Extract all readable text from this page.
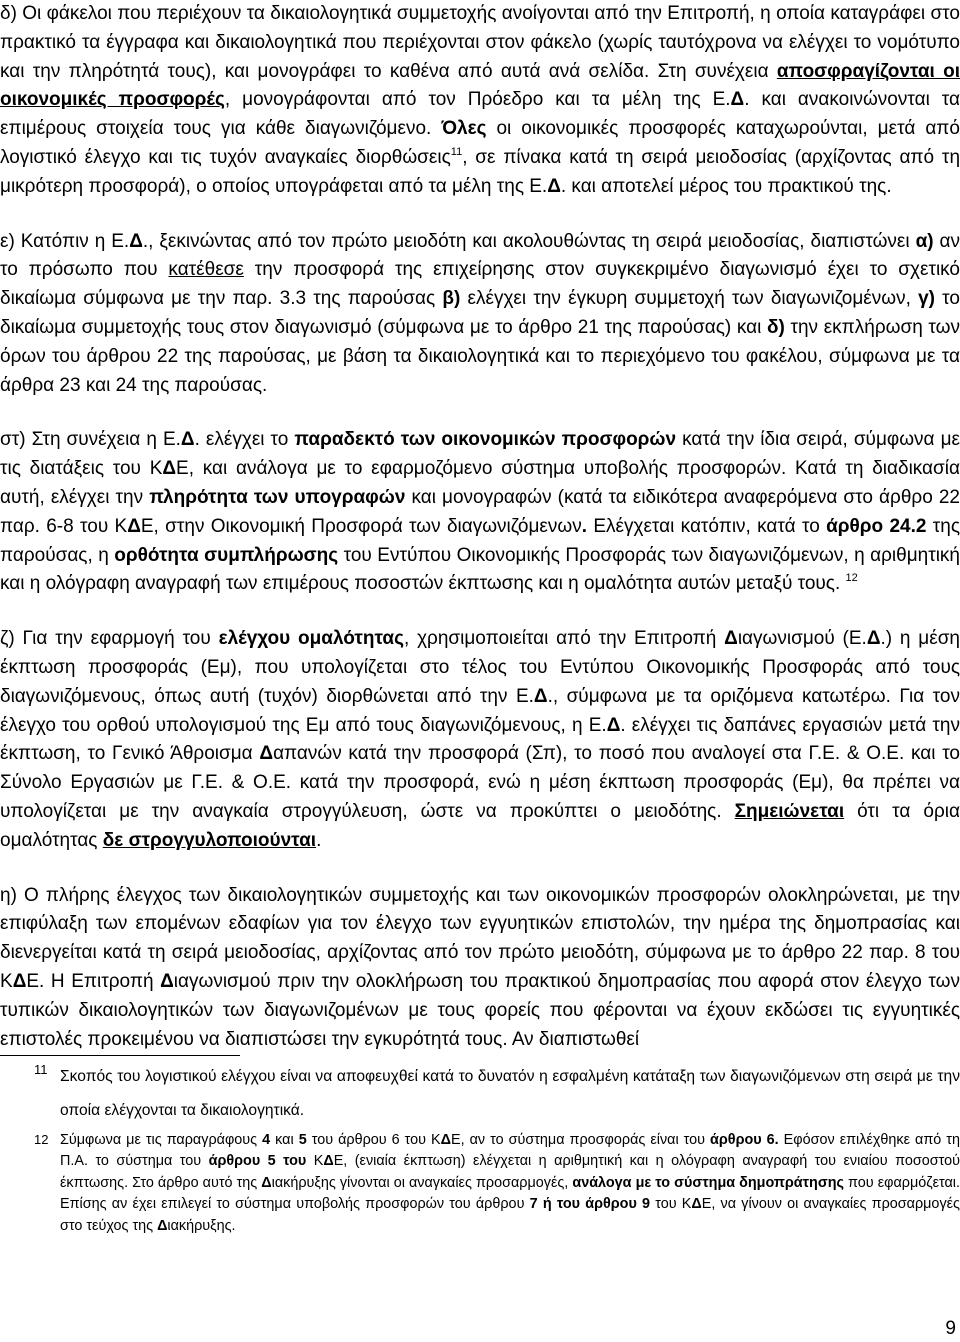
δ) Οι φάκελοι που περιέχουν τα δικαιολογητικά συμμετοχής ανοίγονται από την Επιτροπή, η οποία καταγράφει στο πρακτικό τα έγγραφα και δικαιολογητικά που περιέχονται στον φάκελο (χωρίς ταυτόχρονα να ελέγχει το νομότυπο και την πληρότητά τους), και μονογράφει το καθένα από αυτά ανά σελίδα. Στη συνέχεια αποσφραγίζονται οι οικονομικές προσφορές, μονογράφονται από τον Πρόεδρο και τα μέλη της Ε.Δ. και ανακοινώνονται τα επιμέρους στοιχεία τους για κάθε διαγωνιζόμενο. Όλες οι οικονομικές προσφορές καταχωρούνται, μετά από λογιστικό έλεγχο και τις τυχόν αναγκαίες διορθώσεις$^{11}$, σε πίνακα κατά τη σειρά μειοδοσίας (αρχίζοντας από τη μικρότερη προσφορά), ο οποίος υπογράφεται από τα μέλη της Ε.Δ. και αποτελεί μέρος του πρακτικού της.

ε) Κατόπιν η Ε.Δ., ξεκινώντας από τον πρώτο μειοδότη και ακολουθώντας τη σειρά μειοδοσίας, διαπιστώνει α) αν το πρόσωπο που κατέθεσε την προσφορά της επιχείρησης στον συγκεκριμένο διαγωνισμό έχει το σχετικό δικαίωμα σύμφωνα με την παρ. 3.3 της παρούσας β) ελέγχει την έγκυρη συμμετοχή των διαγωνιζομένων, γ) το δικαίωμα συμμετοχής τους στον διαγωνισμό (σύμφωνα με το άρθρο 21 της παρούσας) και δ) την εκπλήρωση των όρων του άρθρου 22 της παρούσας, με βάση τα δικαιολογητικά και το περιεχόμενο του φακέλου, σύμφωνα με τα άρθρα 23 και 24 της παρούσας.

στ) Στη συνέχεια η Ε.Δ. ελέγχει το παραδεκτό των οικονομικών προσφορών κατά την ίδια σειρά, σύμφωνα με τις διατάξεις του ΚΔΕ, και ανάλογα με το εφαρμοζόμενο σύστημα υποβολής προσφορών. Κατά τη διαδικασία αυτή, ελέγχει την πληρότητα των υπογραφών και μονογραφών (κατά τα ειδικότερα αναφερόμενα στο άρθρο 22 παρ. 6-8 του ΚΔΕ, στην Οικονομική Προσφορά των διαγωνιζόμενων. Ελέγχεται κατόπιν, κατά το άρθρο 24.2 της παρούσας, η ορθότητα συμπλήρωσης του Εντύπου Οικονομικής Προσφοράς των διαγωνιζόμενων, η αριθμητική και η ολόγραφη αναγραφή των επιμέρους ποσοστών έκπτωσης και η ομαλότητα αυτών μεταξύ τους. $^{12}$

ζ) Για την εφαρμογή του ελέγχου ομαλότητας, χρησιμοποιείται από την Επιτροπή Διαγωνισμού (Ε.Δ.) η μέση έκπτωση προσφοράς (Εμ), που υπολογίζεται στο τέλος του Εντύπου Οικονομικής Προσφοράς από τους διαγωνιζόμενους, όπως αυτή (τυχόν) διορθώνεται από την Ε.Δ., σύμφωνα με τα οριζόμενα κατωτέρω. Για τον έλεγχο του ορθού υπολογισμού της Εμ από τους διαγωνιζόμενους, η Ε.Δ. ελέγχει τις δαπάνες εργασιών μετά την έκπτωση, το Γενικό Άθροισμα Δαπανών κατά την προσφορά (Σπ), το ποσό που αναλογεί στα Γ.Ε. & Ο.Ε. και το Σύνολο Εργασιών με Γ.Ε. & Ο.Ε. κατά την προσφορά, ενώ η μέση έκπτωση προσφοράς (Εμ), θα πρέπει να υπολογίζεται με την αναγκαία στρογγύλευση, ώστε να προκύπτει ο μειοδότης. Σημειώνεται ότι τα όρια ομαλότητας δε στρογγυλοποιούνται.

η) Ο πλήρης έλεγχος των δικαιολογητικών συμμετοχής και των οικονομικών προσφορών ολοκληρώνεται, με την επιφύλαξη των επομένων εδαφίων για τον έλεγχο των εγγυητικών επιστολών, την ημέρα της δημοπρασίας και διενεργείται κατά τη σειρά μειοδοσίας, αρχίζοντας από τον πρώτο μειοδότη, σύμφωνα με το άρθρο 22 παρ. 8 του ΚΔΕ. Η Επιτροπή Διαγωνισμού πριν την ολοκλήρωση του πρακτικού δημοπρασίας που αφορά στον έλεγχο των τυπικών δικαιολογητικών των διαγωνιζομένων με τους φορείς που φέρονται να έχουν εκδώσει τις εγγυητικές επιστολές προκειμένου να διαπιστώσει την εγκυρότητά τους. Αν διαπιστωθεί

11 Σκοπός του λογιστικού ελέγχου είναι να αποφευχθεί κατά το δυνατόν η εσφαλμένη κατάταξη των διαγωνιζόμενων στη σειρά με την οποία ελέγχονται τα δικαιολογητικά.
12 Σύμφωνα με τις παραγράφους 4 και 5 του άρθρου 6 του ΚΔΕ, αν το σύστημα προσφοράς είναι του άρθρου 6. Εφόσον επιλέχθηκε από τη Π.Α. το σύστημα του άρθρου 5 του ΚΔΕ, (ενιαία έκπτωση) ελέγχεται η αριθμητική και η ολόγραφη αναγραφή του ενιαίου ποσοστού έκπτωσης. Στο άρθρο αυτό της Διακήρυξης γίνονται οι αναγκαίες προσαρμογές, ανάλογα με το σύστημα δημοπράτησης που εφαρμόζεται. Επίσης αν έχει επιλεγεί το σύστημα υποβολής προσφορών του άρθρου 7 ή του άρθρου 9 του ΚΔΕ, να γίνουν οι αναγκαίες προσαρμογές στο τεύχος της Διακήρυξης.
9
